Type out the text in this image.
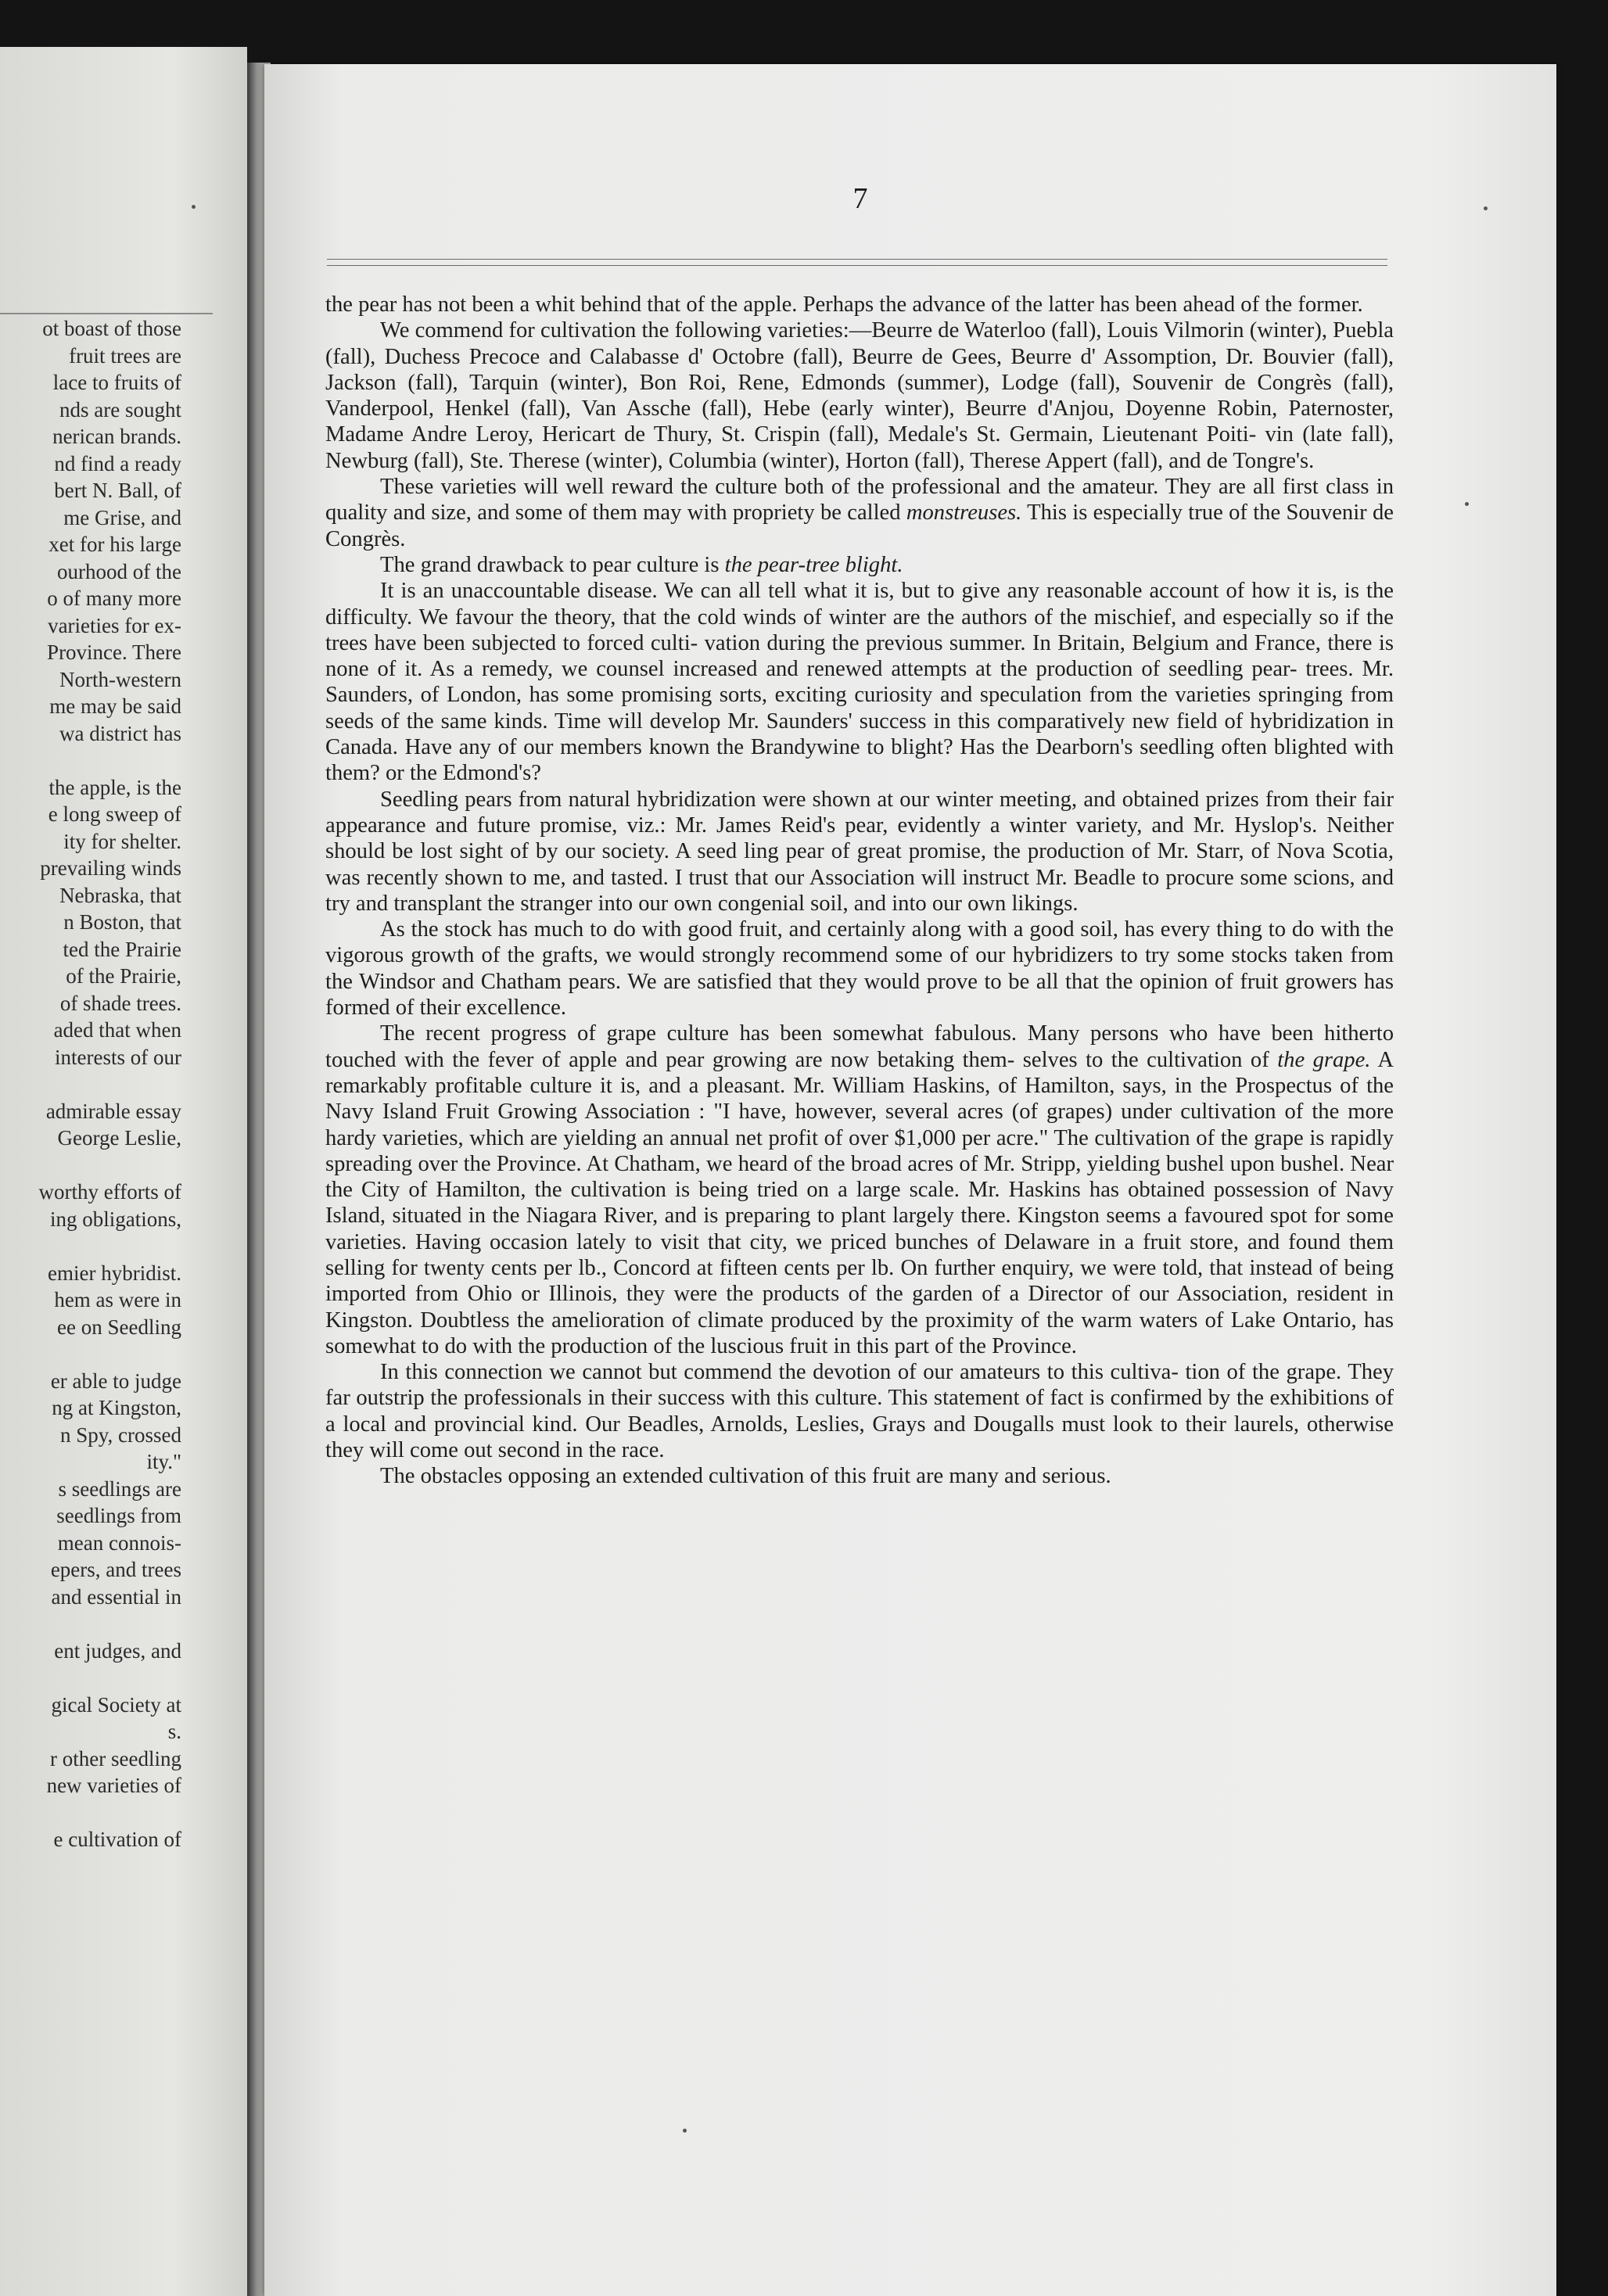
ot boast of those
fruit trees are
lace to fruits of
nds are sought
nerican brands.
nd find a ready
bert N. Ball, of
me Grise, and
xet for his large
ourhood of the
o of many more
varieties for ex-
Province. There
North-western
me may be said
wa district has
the apple, is the
e long sweep of
ity for shelter.
prevailing winds
Nebraska, that
n Boston, that
ted the Prairie
of the Prairie,
of shade trees.
aded that when
interests of our
admirable essay
George Leslie,
worthy efforts of
ing obligations,
emier hybridist.
hem as were in
ee on Seedling
er able to judge
ng at Kingston,
n Spy, crossed
ity."
s seedlings are
seedlings from
mean connois-
epers, and trees
and essential in
ent judges, and
gical Society at
s.
r other seedling
new varieties of
e cultivation of
7

the pear has not been a whit behind that of the apple. Perhaps the advance of the latter has been ahead of the former.

We commend for cultivation the following varieties:—Beurre de Waterloo (fall), Louis Vilmorin (winter), Puebla (fall), Duchess Precoce and Calabasse d' Octobre (fall), Beurre de Gees, Beurre d' Assomption, Dr. Bouvier (fall), Jackson (fall), Tarquin (winter), Bon Roi, Rene, Edmonds (summer), Lodge (fall), Souvenir de Congrès (fall), Vanderpool, Henkel (fall), Van Assche (fall), Hebe (early winter), Beurre d'Anjou, Doyenne Robin, Paternoster, Madame Andre Leroy, Hericart de Thury, St. Crispin (fall), Medale's St. Germain, Lieutenant Poiti- vin (late fall), Newburg (fall), Ste. Therese (winter), Columbia (winter), Horton (fall), Therese Appert (fall), and de Tongre's.

These varieties will well reward the culture both of the professional and the amateur. They are all first class in quality and size, and some of them may with propriety be called monstreuses. This is especially true of the Souvenir de Congrès.

The grand drawback to pear culture is the pear-tree blight.

It is an unaccountable disease. We can all tell what it is, but to give any reasonable account of how it is, is the difficulty. We favour the theory, that the cold winds of winter are the authors of the mischief, and especially so if the trees have been subjected to forced culti- vation during the previous summer. In Britain, Belgium and France, there is none of it. As a remedy, we counsel increased and renewed attempts at the production of seedling pear- trees. Mr. Saunders, of London, has some promising sorts, exciting curiosity and speculation from the varieties springing from seeds of the same kinds. Time will develop Mr. Saunders' success in this comparatively new field of hybridization in Canada. Have any of our members known the Brandywine to blight? Has the Dearborn's seedling often blighted with them? or the Edmond's?

Seedling pears from natural hybridization were shown at our winter meeting, and obtained prizes from their fair appearance and future promise, viz.: Mr. James Reid's pear, evidently a winter variety, and Mr. Hyslop's. Neither should be lost sight of by our society. A seed ling pear of great promise, the production of Mr. Starr, of Nova Scotia, was recently shown to me, and tasted. I trust that our Association will instruct Mr. Beadle to procure some scions, and try and transplant the stranger into our own congenial soil, and into our own likings.

As the stock has much to do with good fruit, and certainly along with a good soil, has every thing to do with the vigorous growth of the grafts, we would strongly recommend some of our hybridizers to try some stocks taken from the Windsor and Chatham pears. We are satisfied that they would prove to be all that the opinion of fruit growers has formed of their excellence.

The recent progress of grape culture has been somewhat fabulous. Many persons who have been hitherto touched with the fever of apple and pear growing are now betaking them- selves to the cultivation of the grape. A remarkably profitable culture it is, and a pleasant. Mr. William Haskins, of Hamilton, says, in the Prospectus of the Navy Island Fruit Growing Association : "I have, however, several acres (of grapes) under cultivation of the more hardy varieties, which are yielding an annual net profit of over $1,000 per acre." The cultivation of the grape is rapidly spreading over the Province. At Chatham, we heard of the broad acres of Mr. Stripp, yielding bushel upon bushel. Near the City of Hamilton, the cultivation is being tried on a large scale. Mr. Haskins has obtained possession of Navy Island, situated in the Niagara River, and is preparing to plant largely there. Kingston seems a favoured spot for some varieties. Having occasion lately to visit that city, we priced bunches of Delaware in a fruit store, and found them selling for twenty cents per lb., Concord at fifteen cents per lb. On further enquiry, we were told, that instead of being imported from Ohio or Illinois, they were the products of the garden of a Director of our Association, resident in Kingston. Doubtless the amelioration of climate produced by the proximity of the warm waters of Lake Ontario, has somewhat to do with the production of the luscious fruit in this part of the Province.

In this connection we cannot but commend the devotion of our amateurs to this cultiva- tion of the grape. They far outstrip the professionals in their success with this culture. This statement of fact is confirmed by the exhibitions of a local and provincial kind. Our Beadles, Arnolds, Leslies, Grays and Dougalls must look to their laurels, otherwise they will come out second in the race.

The obstacles opposing an extended cultivation of this fruit are many and serious.
